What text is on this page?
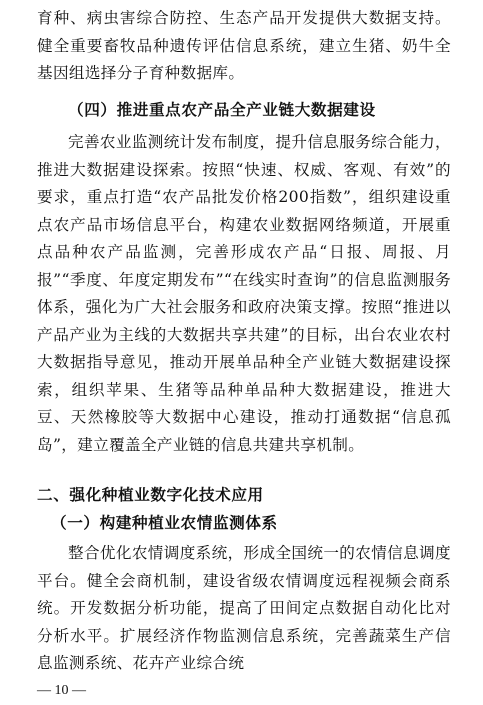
育种、病虫害综合防控、生态产品开发提供大数据支持。健全重要畜牧品种遗传评估信息系统，建立生猪、奶牛全基因组选择分子育种数据库。

（四）推进重点农产品全产业链大数据建设

完善农业监测统计发布制度，提升信息服务综合能力，推进大数据建设探索。按照“快速、权威、客观、有效”的要求，重点打造“农产品批发价格200指数”，组织建设重点农产品市场信息平台，构建农业数据网络频道，开展重点品种农产品监测，完善形成农产品“日报、周报、月报”“季度、年度定期发布”“在线实时查询”的信息监测服务体系，强化为广大社会服务和政府决策支撑。按照“推进以产品产业为主线的大数据共享共建”的目标，出台农业农村大数据指导意见，推动开展单品种全产业链大数据建设探索，组织苹果、生猪等品种单品种大数据建设，推进大豆、天然橡胶等大数据中心建设，推动打通数据“信息孤岛”，建立覆盖全产业链的信息共建共享机制。

二、强化种植业数字化技术应用
（一）构建种植业农情监测体系

整合优化农情调度系统，形成全国统一的农情信息调度平台。健全会商机制，建设省级农情调度远程视频会商系统。开发数据分析功能，提高了田间定点数据自动化比对分析水平。扩展经济作物监测信息系统，完善蔬菜生产信息监测系统、花卉产业综合统

— 10 —
